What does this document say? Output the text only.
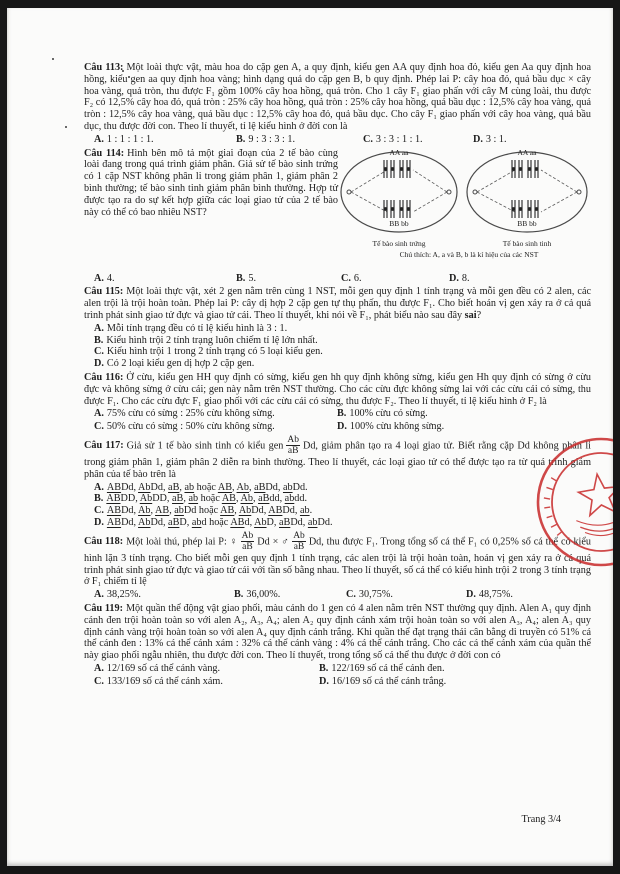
Câu 113: Một loài thực vật, màu hoa do cặp gen A, a quy định, kiểu gen AA quy định hoa đỏ, kiểu gen Aa quy định hoa hồng, kiểu gen aa quy định hoa vàng; hình dạng quả do cặp gen B, b quy định. Phép lai P: cây hoa đỏ, quả bầu dục × cây hoa vàng, quả tròn, thu được F₁ gồm 100% cây hoa hồng, quả tròn. Cho 1 cây F₁ giao phấn với cây M cùng loài, thu được F₂ có 12,5% cây hoa đỏ, quả tròn : 25% cây hoa hồng, quả tròn : 25% cây hoa hồng, quả bầu dục : 12,5% cây hoa vàng, quả tròn : 12,5% cây hoa vàng, quả bầu dục : 12,5% cây hoa đỏ, quả bầu dục. Cho cây F₁ giao phấn với cây hoa vàng, quả bầu dục, thu được đời con. Theo lí thuyết, tỉ lệ kiểu hình ở đời con là
A. 1 : 1 : 1 : 1.	B. 9 : 3 : 3 : 1.	C. 3 : 3 : 1 : 1.	D. 3 : 1.
Câu 114: Hình bên mô tả một giai đoạn của 2 tế bào cùng loài đang trong quá trình giảm phân. Giả sử tế bào sinh trứng có 1 cặp NST không phân li trong giảm phân 1, giảm phân 2 bình thường; tế bào sinh tinh giảm phân bình thường. Hợp tử được tạo ra do sự kết hợp giữa các loại giao tử của 2 tế bào này có thể có bao nhiêu NST?
AA aa
BB bb
AA aa
BB bb
Tế bào sinh trứng	Tế bào sinh tinh
Chú thích: A, a và B, b là kí hiệu của các NST
A. 4.	B. 5.	C. 6.	D. 8.
Câu 115: Một loài thực vật, xét 2 gen nằm trên cùng 1 NST, mỗi gen quy định 1 tính trạng và mỗi gen đều có 2 alen, các alen trội là trội hoàn toàn. Phép lai P: cây dị hợp 2 cặp gen tự thụ phấn, thu được F₁. Cho biết hoán vị gen xảy ra ở cả quá trình phát sinh giao tử đực và giao tử cái. Theo lí thuyết, khi nói về F₁, phát biểu nào sau đây sai?
A. Mỗi tính trạng đều có tỉ lệ kiểu hình là 3 : 1.
B. Kiểu hình trội 2 tính trạng luôn chiếm tỉ lệ lớn nhất.
C. Kiểu hình trội 1 trong 2 tính trạng có 5 loại kiểu gen.
D. Có 2 loại kiểu gen dị hợp 2 cặp gen.
Câu 116: Ở cừu, kiểu gen HH quy định có sừng, kiểu gen hh quy định không sừng, kiểu gen Hh quy định có sừng ở cừu đực và không sừng ở cừu cái; gen này nằm trên NST thường. Cho các cừu đực không sừng lai với các cừu cái có sừng, thu được F₁. Cho các cừu đực F₁ giao phối với các cừu cái có sừng, thu được F₂. Theo lí thuyết, tỉ lệ kiểu hình ở F₂ là
A. 75% cừu có sừng : 25% cừu không sừng.	B. 100% cừu có sừng.
C. 50% cừu có sừng : 50% cừu không sừng.	D. 100% cừu không sừng.
Câu 117: Giả sử 1 tế bào sinh tinh có kiểu gen $\frac{Ab}{aB} Dd$, giảm phân tạo ra 4 loại giao tử. Biết rằng cặp Dd không phân li trong giảm phân 1, giảm phân 2 diễn ra bình thường. Theo lí thuyết, các loại giao tử có thể được tạo ra từ quá trình giảm phân của tế bào trên là
A. ABDd, AbDd, aB, ab hoặc AB, Ab, aBDd, abDd.
B. ABDD, AbDD, aB, ab hoặc AB, Ab, aBdd, abdd.
C. ABDd, Ab, AB, abDd hoặc AB, AbDd, ABDd, ab.
D. ABDd, AbDd, aBD, abd hoặc ABd, AbD, aBDd, abDd.
Câu 118: Một loài thú, phép lai P: ♀ $\frac{Ab}{aB}$ Dd × ♂ $\frac{Ab}{aB} Dd$, thu được F₁. Trong tổng số cá thể F₁ có 0,25% số cá thể có kiểu hình lặn 3 tính trạng. Cho biết mỗi gen quy định 1 tính trạng, các alen trội là trội hoàn toàn, hoán vị gen xảy ra ở cả quá trình phát sinh giao tử đực và giao tử cái với tần số bằng nhau. Theo lí thuyết, số cá thể có kiểu hình trội 2 trong 3 tính trạng ở F₁ chiếm tỉ lệ
A. 38,25%.	B. 36,00%.	C. 30,75%.	D. 48,75%.
Câu 119: Một quần thể động vật giao phối, màu cánh do 1 gen có 4 alen nằm trên NST thường quy định. Alen A₁ quy định cánh đen trội hoàn toàn so với alen A₂, A₃, A₄; alen A₂ quy định cánh xám trội hoàn toàn so với alen A₃, A₄; alen A₃ quy định cánh vàng trội hoàn toàn so với alen A₄ quy định cánh trắng. Khi quần thể đạt trạng thái cân bằng di truyền có 51% cá thể cánh đen : 13% cá thể cánh xám : 32% cá thể cánh vàng : 4% cá thể cánh trắng. Cho các cá thể cánh xám của quần thể này giao phối ngẫu nhiên, thu được đời con. Theo lí thuyết, trong tổng số cá thể thu được ở đời con có
A. 12/169 số cá thể cánh vàng.	B. 122/169 số cá thể cánh đen.
C. 133/169 số cá thể cánh xám.	D. 16/169 số cá thể cánh trắng.
Trang 3/4
